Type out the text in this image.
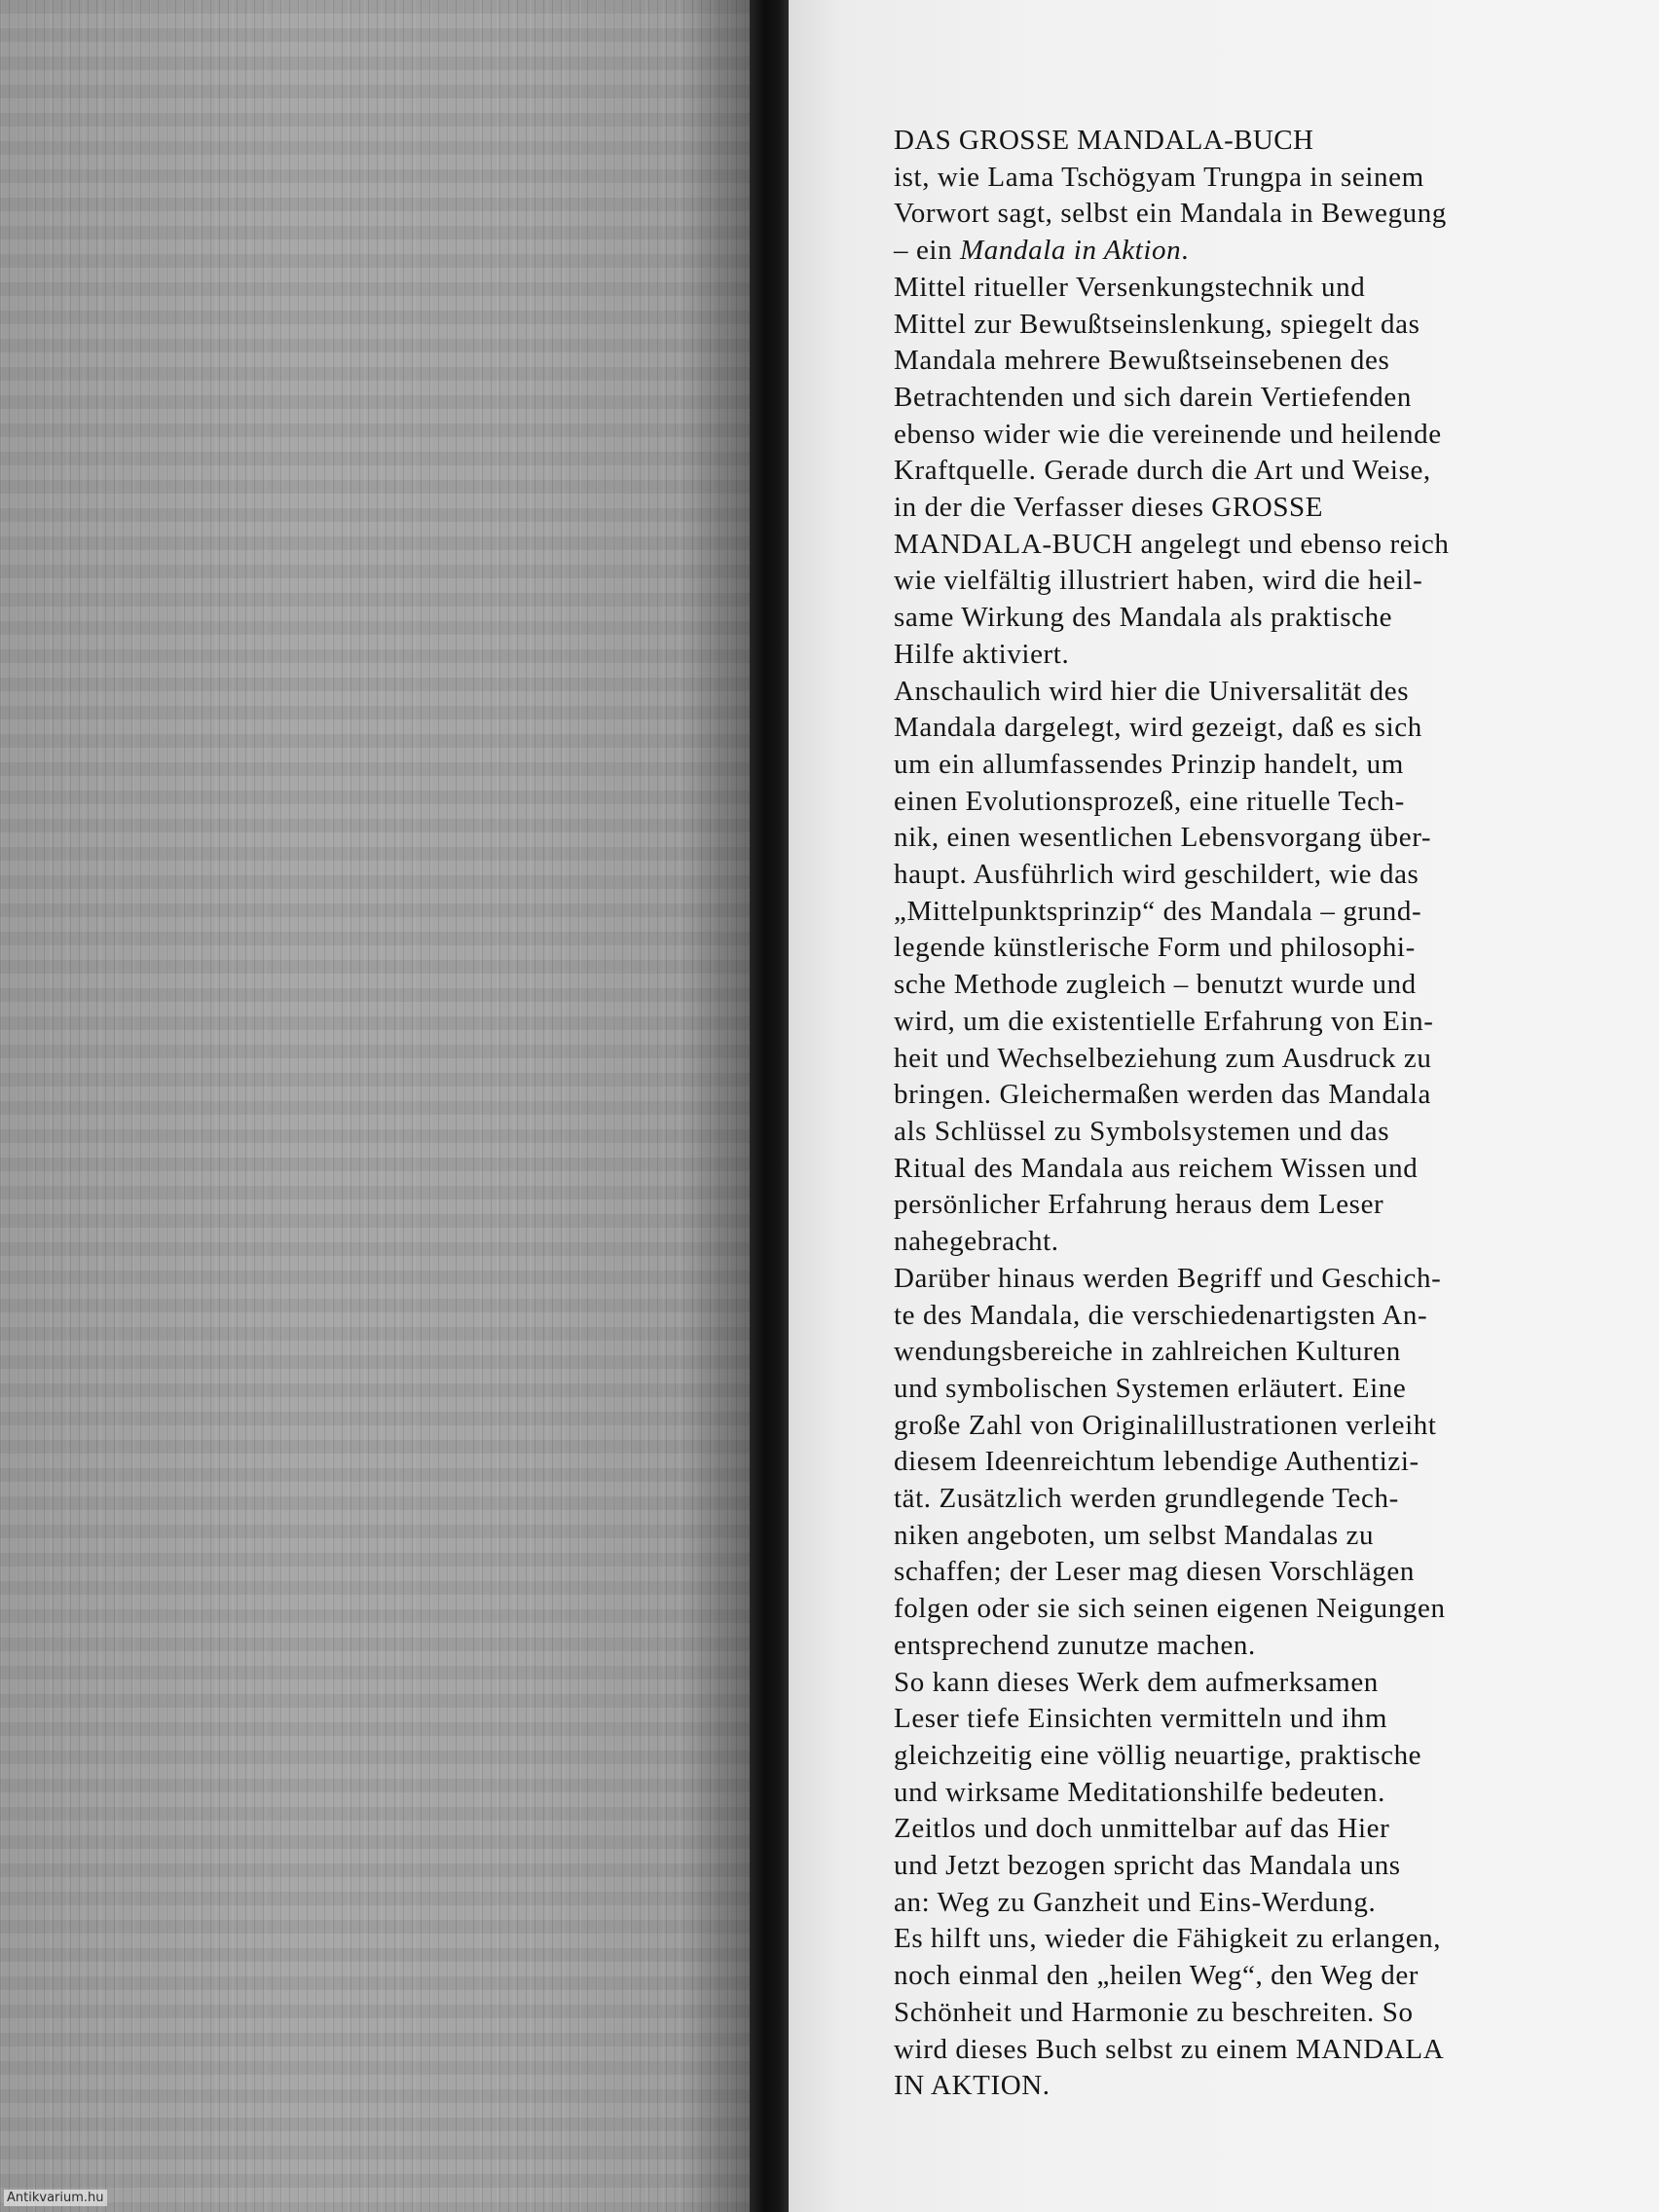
DAS GROSSE MANDALA-BUCH
ist, wie Lama Tschögyam Trungpa in seinem
Vorwort sagt, selbst ein Mandala in Bewegung
– ein Mandala in Aktion.
Mittel ritueller Versenkungstechnik und
Mittel zur Bewußtseinslenkung, spiegelt das
Mandala mehrere Bewußtseinsebenen des
Betrachtenden und sich darein Vertiefenden
ebenso wider wie die vereinende und heilende
Kraftquelle. Gerade durch die Art und Weise,
in der die Verfasser dieses GROSSE
MANDALA-BUCH angelegt und ebenso reich
wie vielfältig illustriert haben, wird die heil-
same Wirkung des Mandala als praktische
Hilfe aktiviert.
Anschaulich wird hier die Universalität des
Mandala dargelegt, wird gezeigt, daß es sich
um ein allumfassendes Prinzip handelt, um
einen Evolutionsprozeß, eine rituelle Tech-
nik, einen wesentlichen Lebensvorgang über-
haupt. Ausführlich wird geschildert, wie das
„Mittelpunktsprinzip“ des Mandala – grund-
legende künstlerische Form und philosophi-
sche Methode zugleich – benutzt wurde und
wird, um die existentielle Erfahrung von Ein-
heit und Wechselbeziehung zum Ausdruck zu
bringen. Gleichermaßen werden das Mandala
als Schlüssel zu Symbolsystemen und das
Ritual des Mandala aus reichem Wissen und
persönlicher Erfahrung heraus dem Leser
nahegebracht.
Darüber hinaus werden Begriff und Geschich-
te des Mandala, die verschiedenartigsten An-
wendungsbereiche in zahlreichen Kulturen
und symbolischen Systemen erläutert. Eine
große Zahl von Originalillustrationen verleiht
diesem Ideenreichtum lebendige Authentizi-
tät. Zusätzlich werden grundlegende Tech-
niken angeboten, um selbst Mandalas zu
schaffen; der Leser mag diesen Vorschlägen
folgen oder sie sich seinen eigenen Neigungen
entsprechend zunutze machen.
So kann dieses Werk dem aufmerksamen
Leser tiefe Einsichten vermitteln und ihm
gleichzeitig eine völlig neuartige, praktische
und wirksame Meditationshilfe bedeuten.
Zeitlos und doch unmittelbar auf das Hier
und Jetzt bezogen spricht das Mandala uns
an: Weg zu Ganzheit und Eins-Werdung.
Es hilft uns, wieder die Fähigkeit zu erlangen,
noch einmal den „heilen Weg“, den Weg der
Schönheit und Harmonie zu beschreiten. So
wird dieses Buch selbst zu einem MANDALA
IN AKTION.
Antikvarium.hu
